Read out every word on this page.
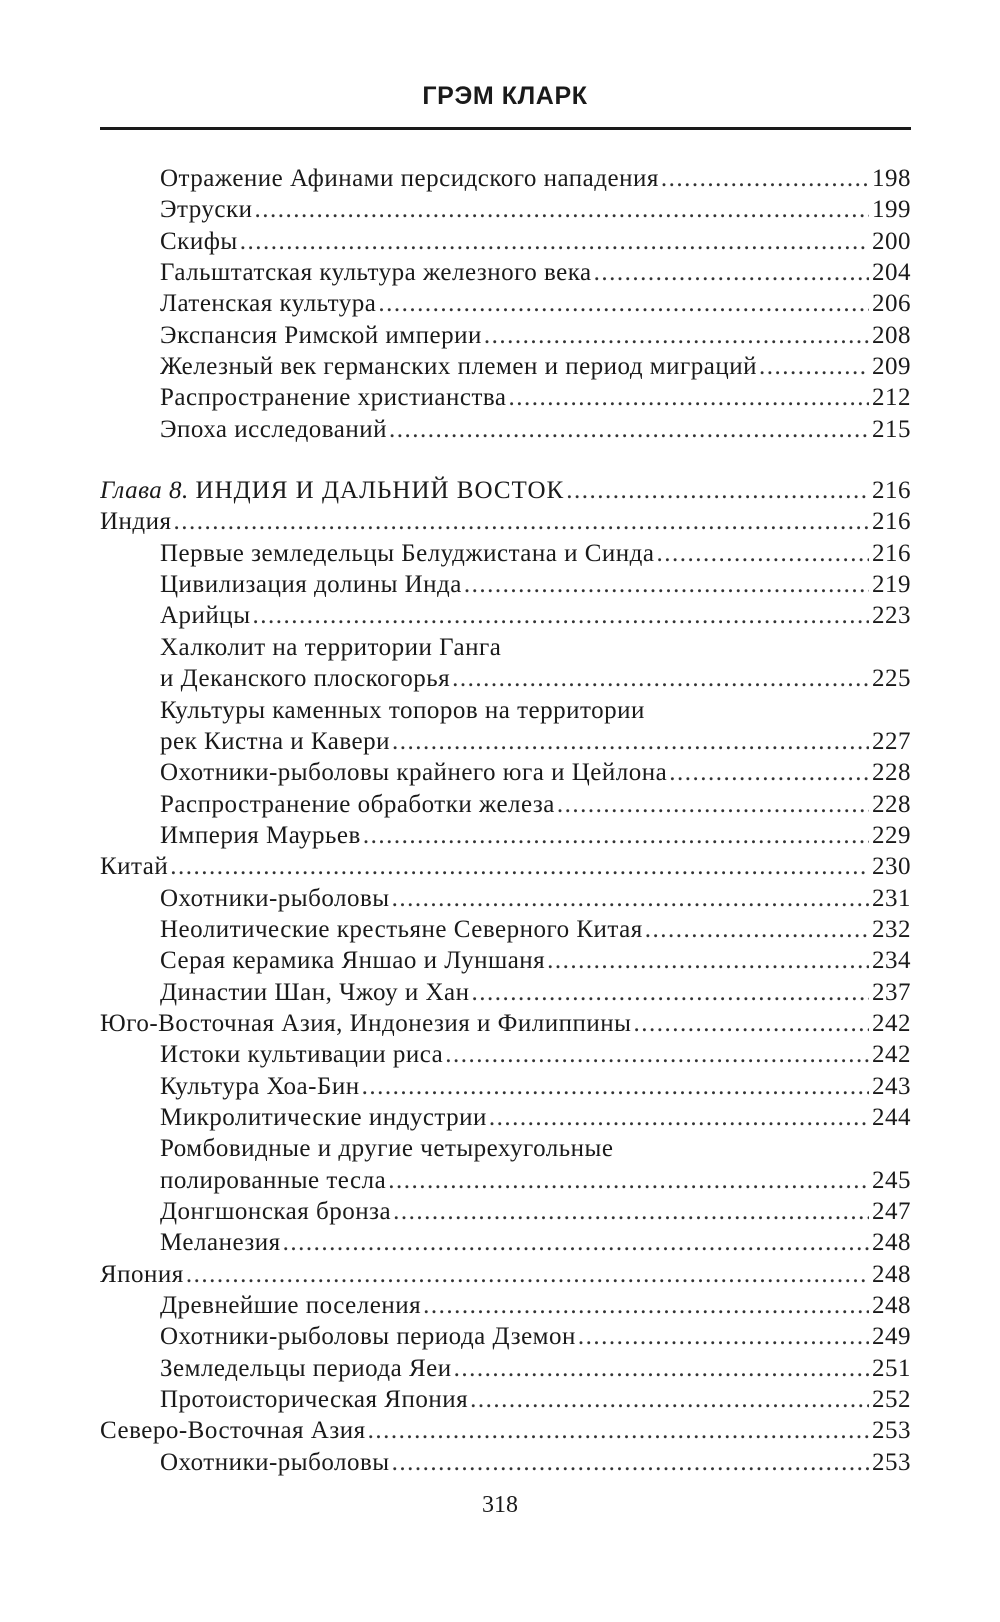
ГРЭМ КЛАРК
Отражение Афинами персидского нападения .....	198
Этруски .....	199
Скифы .....	200
Гальштатская культура железного века .....	204
Латенская культура .....	206
Экспансия Римской империи .....	208
Железный век германских племен и период миграций .....	209
Распространение христианства .....	212
Эпоха исследований .....	215
Глава 8. ИНДИЯ И ДАЛЬНИЙ ВОСТОК .....	216
Индия .....	216
Первые земледельцы Белуджистана и Синда .....	216
Цивилизация долины Инда .....	219
Арийцы .....	223
Халколит на территории Ганга
и Деканского плоскогорья .....	225
Культуры каменных топоров на территории
рек Кистна и Кавери .....	227
Охотники-рыболовы крайнего юга и Цейлона .....	228
Распространение обработки железа .....	228
Империя Маурьев .....	229
Китай .....	230
Охотники-рыболовы .....	231
Неолитические крестьяне Северного Китая .....	232
Серая керамика Яншао и Луншаня .....	234
Династии Шан, Чжоу и Хан .....	237
Юго-Восточная Азия, Индонезия и Филиппины .....	242
Истоки культивации риса .....	242
Культура Хоа-Бин .....	243
Микролитические индустрии .....	244
Ромбовидные и другие четырехугольные
полированные тесла .....	245
Донгшонская бронза .....	247
Меланезия .....	248
Япония .....	248
Древнейшие поселения .....	248
Охотники-рыболовы периода Дземон .....	249
Земледельцы периода Яеи .....	251
Протоисторическая Япония .....	252
Северо-Восточная Азия .....	253
Охотники-рыболовы .....	253
318
